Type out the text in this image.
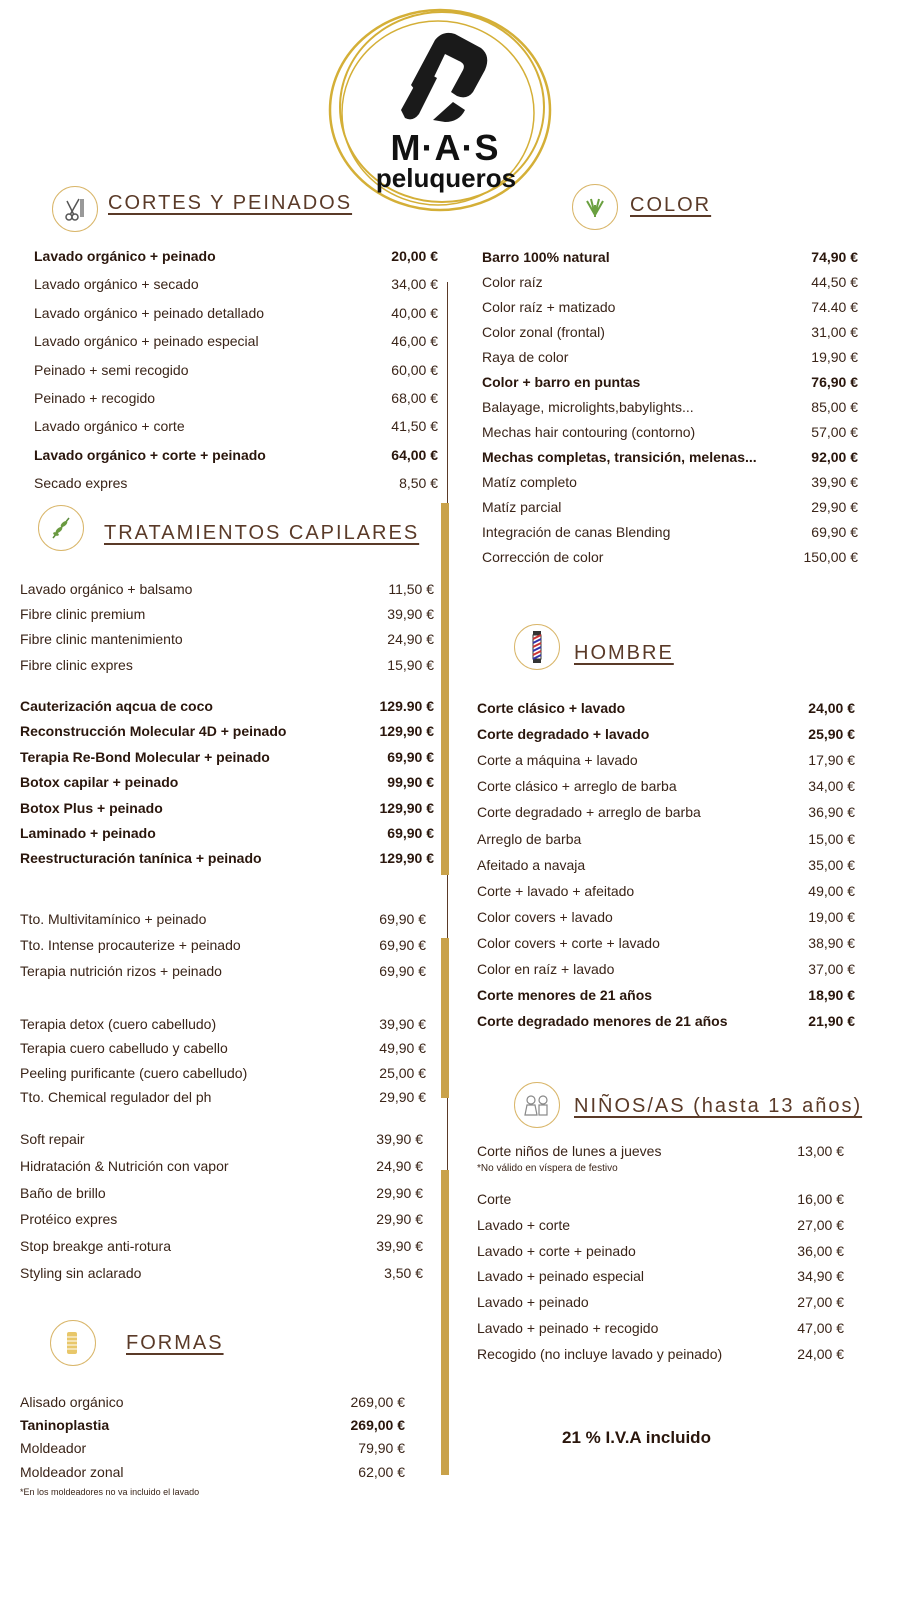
M·A·S
peluqueros
CORTES Y PEINADOS
Lavado orgánico + peinado	20,00 €
Lavado orgánico + secado	34,00 €
Lavado orgánico + peinado detallado	40,00 €
Lavado orgánico + peinado especial	46,00 €
Peinado + semi recogido	60,00 €
Peinado + recogido	68,00 €
Lavado orgánico + corte	41,50 €
Lavado orgánico + corte + peinado	64,00 €
Secado expres	8,50 €
TRATAMIENTOS CAPILARES
Lavado orgánico + balsamo	11,50 €
Fibre clinic premium	39,90 €
Fibre clinic mantenimiento	24,90 €
Fibre clinic expres	15,90 €
Cauterización aqcua de coco	129.90 €
Reconstrucción Molecular 4D + peinado	129,90 €
Terapia Re-Bond Molecular + peinado	69,90 €
Botox capilar + peinado	99,90 €
Botox Plus + peinado	129,90 €
Laminado + peinado	69,90 €
Reestructuración tanínica + peinado	129,90 €
Tto. Multivitamínico + peinado	69,90 €
Tto. Intense procauterize + peinado	69,90 €
Terapia nutrición rizos + peinado	69,90 €
Terapia detox (cuero cabelludo)	39,90 €
Terapia cuero cabelludo y cabello	49,90 €
Peeling purificante (cuero cabelludo)	25,00 €
Tto. Chemical regulador del ph	29,90 €
Soft repair	39,90 €
Hidratación & Nutrición con vapor	24,90 €
Baño de brillo	29,90 €
Protéico expres	29,90 €
Stop breakge anti-rotura	39,90 €
Styling sin aclarado	3,50 €
FORMAS
Alisado orgánico	269,00 €
Taninoplastia	269,00 €
Moldeador	79,90 €
Moldeador zonal	62,00 €
*En los moldeadores no va incluido el lavado
COLOR
Barro 100% natural	74,90 €
Color raíz	44,50 €
Color raíz + matizado	74.40 €
Color zonal (frontal)	31,00 €
Raya de color	19,90 €
Color + barro en puntas	76,90 €
Balayage, microlights,babylights...	85,00 €
Mechas hair contouring (contorno)	57,00 €
Mechas completas, transición, melenas...	92,00 €
Matíz completo	39,90 €
Matíz parcial	29,90 €
Integración de canas Blending	69,90 €
Corrección de color	150,00 €
HOMBRE
Corte clásico + lavado	24,00 €
Corte degradado + lavado	25,90 €
Corte a máquina + lavado	17,90 €
Corte clásico + arreglo de barba	34,00 €
Corte degradado + arreglo de barba	36,90 €
Arreglo de barba	15,00 €
Afeitado a navaja	35,00 €
Corte + lavado + afeitado	49,00 €
Color covers + lavado	19,00 €
Color covers + corte + lavado	38,90 €
Color en raíz + lavado	37,00 €
Corte menores de 21 años	18,90 €
Corte degradado menores de 21 años	21,90 €
NIÑOS/AS (hasta 13 años)
Corte niños de lunes a jueves	13,00 €
*No válido en víspera de festivo
Corte	16,00 €
Lavado + corte	27,00 €
Lavado + corte + peinado	36,00 €
Lavado + peinado especial	34,90 €
Lavado + peinado	27,00 €
Lavado + peinado + recogido	47,00 €
Recogido (no incluye lavado y peinado)	24,00 €
21 % I.V.A incluido
